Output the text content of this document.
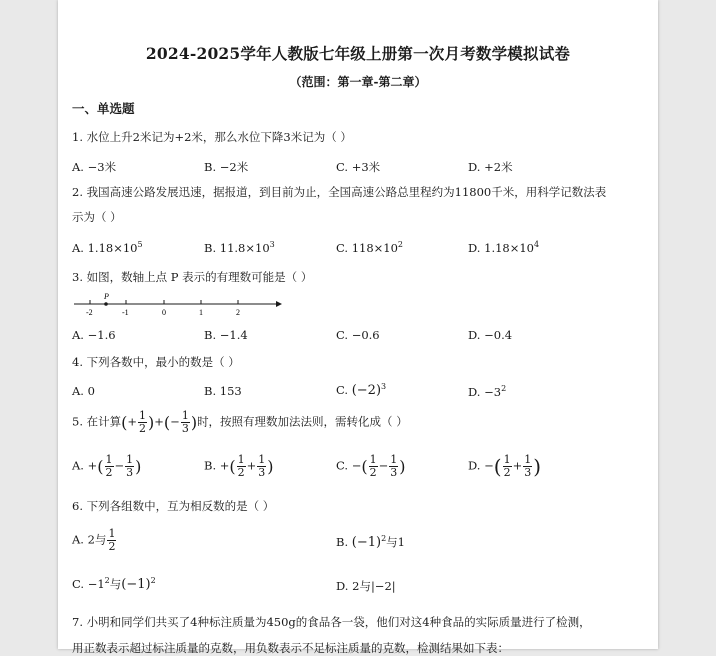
2024-2025学年人教版七年级上册第一次月考数学模拟试卷
（范围：第一章-第二章）
一、单选题
1. 水位上升2米记为+2米，那么水位下降3米记为（ ）
A. −3米	B. −2米	C. +3米	D. +2米
2. 我国高速公路发展迅速，据报道，到目前为止，全国高速公路总里程约为11800千米，用科学记数法表
示为（ ）
A. $1.18\times 10^5$	B. $11.8\times 10^3$	C. $118\times 10^2$	D. $1.18\times 10^4$
3. 如图，数轴上点 P 表示的有理数可能是（ ）
P
-2	-1	0	1	2
A. −1.6	B. −1.4	C. −0.6	D. −0.4
4. 下列各数中，最小的数是（ ）
A. 0	B. 153	C. $(-2)^3$	D. $-3^2$
5. 在计算(+ $\frac{1}{2}$ )+(− $\frac{1}{3}$ )时，按照有理数加法法则，需转化成（ ）
A. +( $\frac{1}{2} - \frac{1}{3}$ )	B. +( $\frac{1}{2} + \frac{1}{3}$ )	C. −( $\frac{1}{2} - \frac{1}{3}$ )	D. −( $\frac{1}{2} + \frac{1}{3}$ )
6. 下列各组数中，互为相反数的是（ ）
A. 2与 $\frac{1}{2}$	B. $(-1)^2$与1
C. $-1^2$与$(-1)^2$	D. 2与|−2|
7. 小明和同学们共买了4种标注质量为450g的食品各一袋，他们对这4种食品的实际质量进行了检测，
用正数表示超过标注质量的克数，用负数表示不足标注质量的克数，检测结果如下表：
